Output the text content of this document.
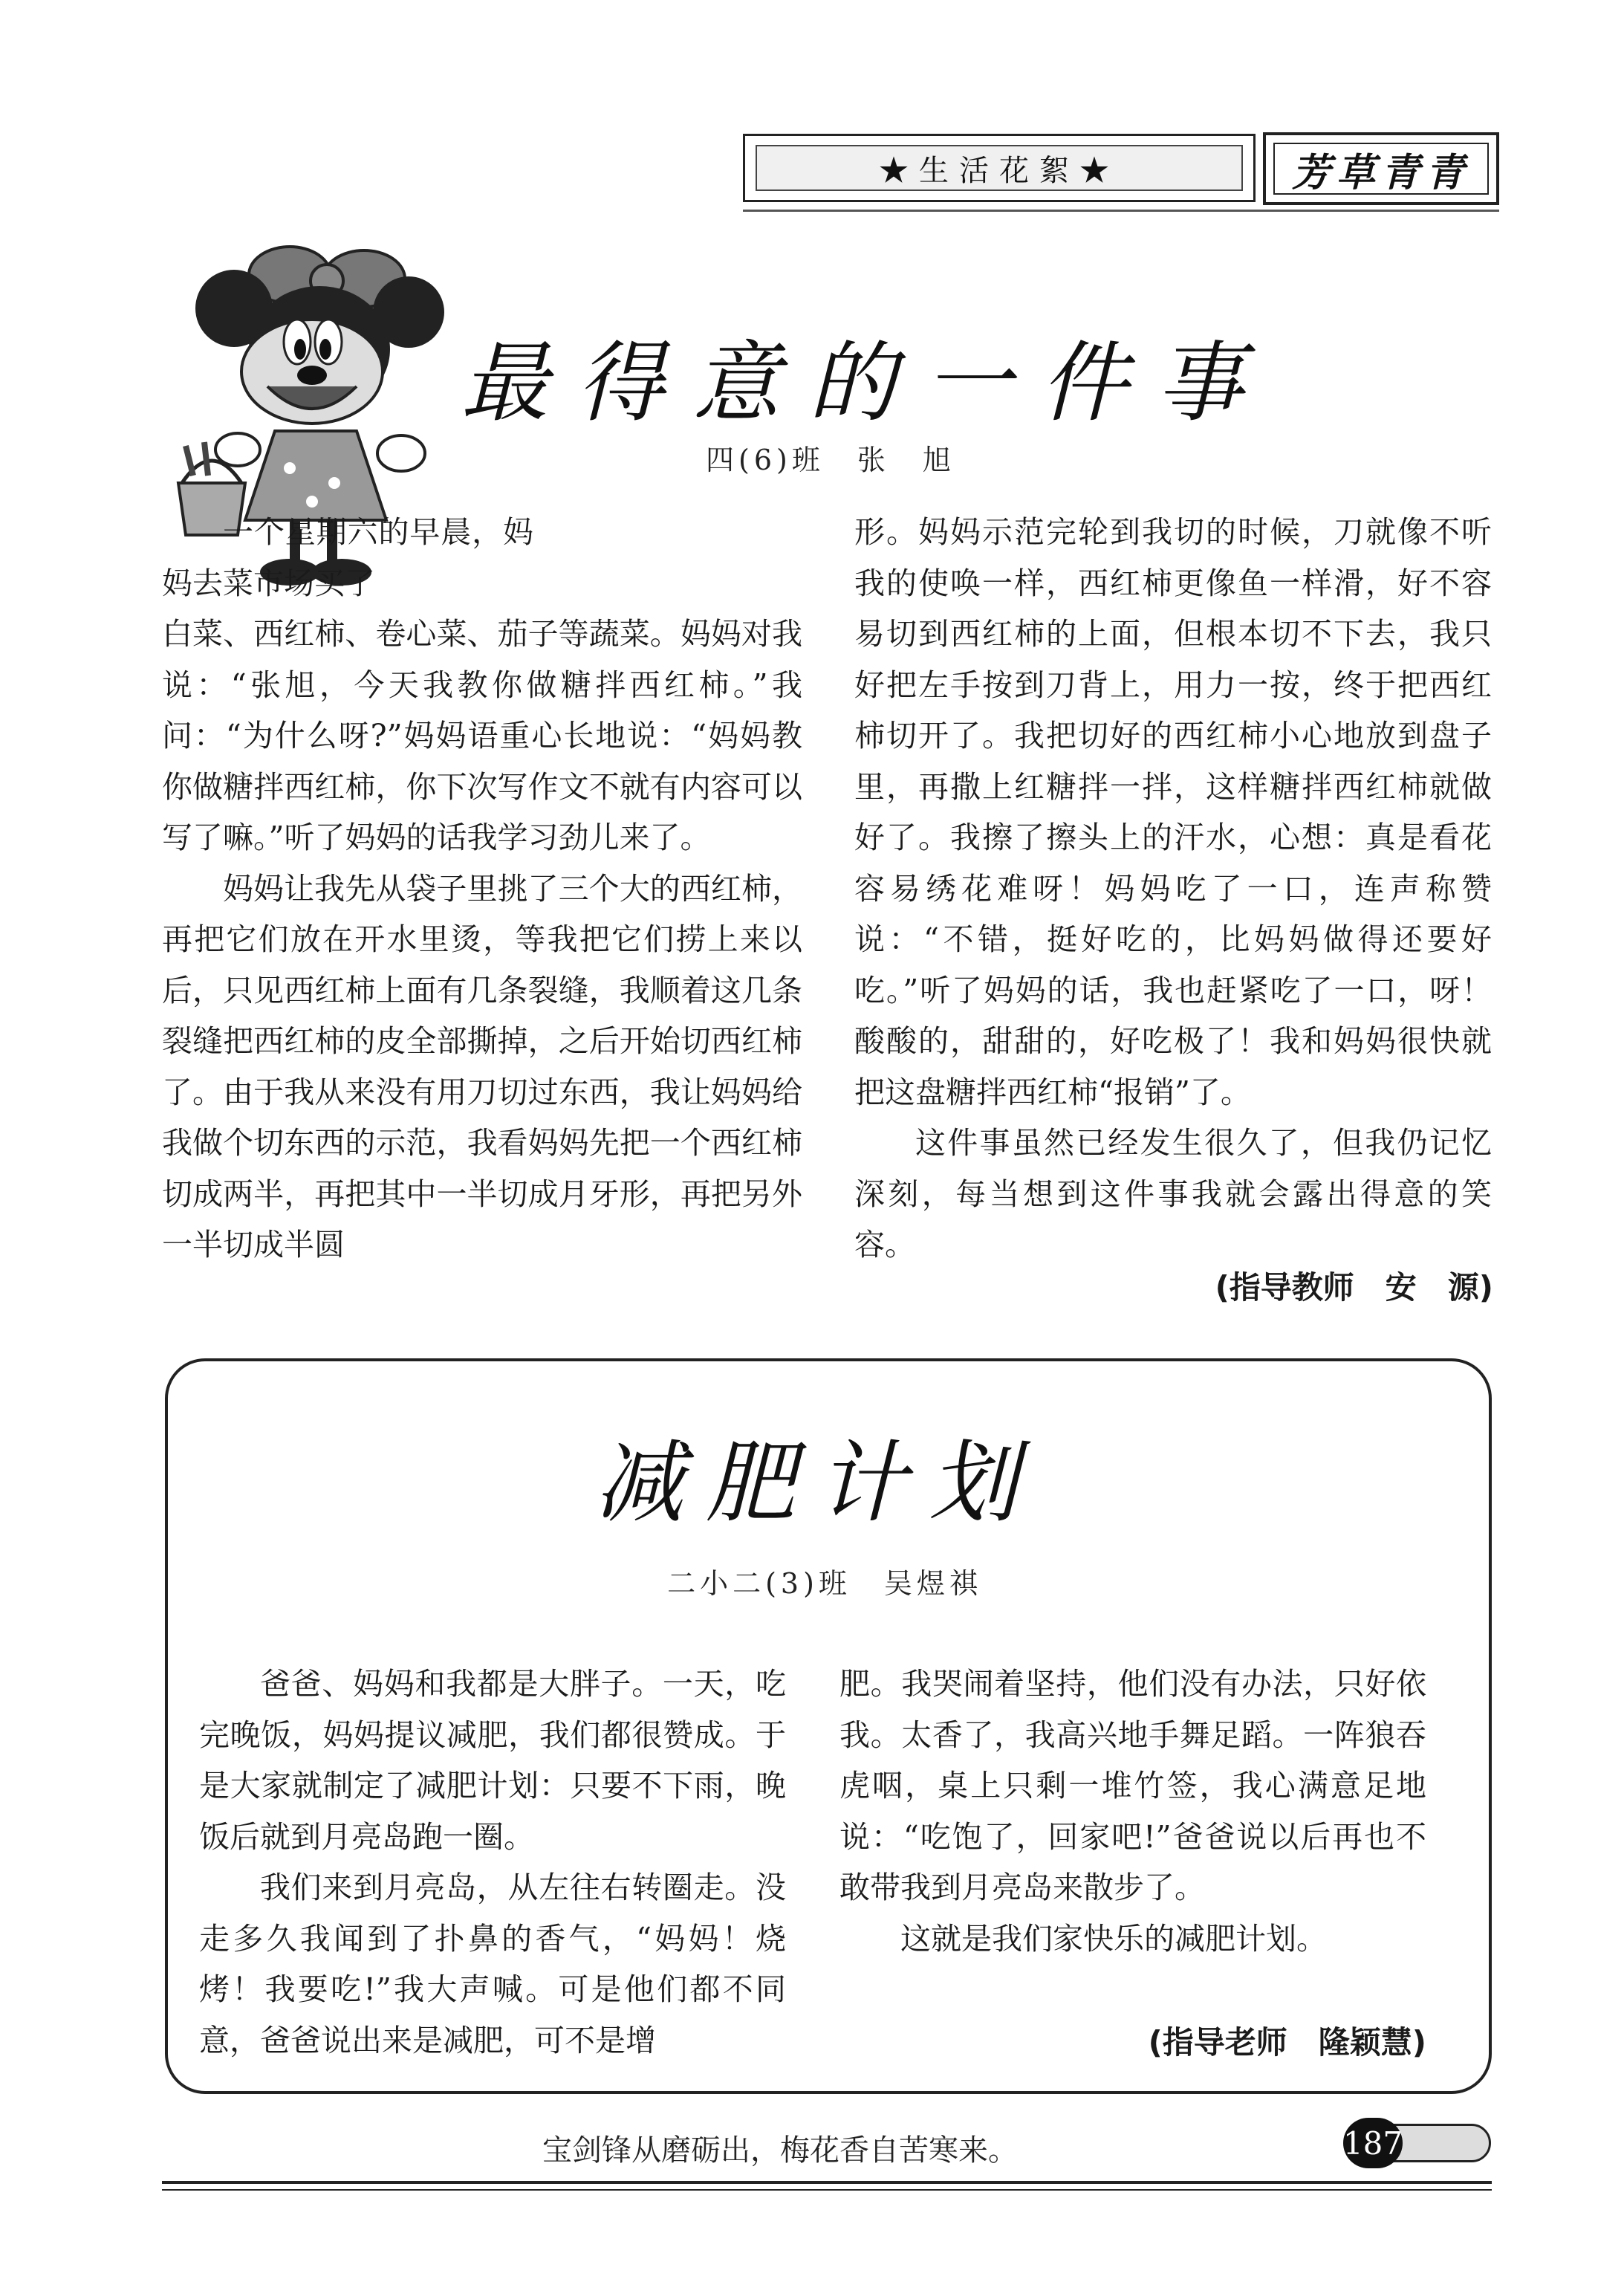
★生活花絮★	芳草青青
最得意的一件事
四(6)班　张　旭

一个星期六的早晨，妈妈去菜市场买了

白菜、西红柿、卷心菜、茄子等蔬菜。妈妈对我说：“张旭，今天我教你做糖拌西红柿。”我问：“为什么呀?”妈妈语重心长地说：“妈妈教你做糖拌西红柿，你下次写作文不就有内容可以写了嘛。”听了妈妈的话我学习劲儿来了。

妈妈让我先从袋子里挑了三个大的西红柿，再把它们放在开水里烫，等我把它们捞上来以后，只见西红柿上面有几条裂缝，我顺着这几条裂缝把西红柿的皮全部撕掉，之后开始切西红柿了。由于我从来没有用刀切过东西，我让妈妈给我做个切东西的示范，我看妈妈先把一个西红柿切成两半，再把其中一半切成月牙形，再把另外一半切成半圆

形。妈妈示范完轮到我切的时候，刀就像不听我的使唤一样，西红柿更像鱼一样滑，好不容易切到西红柿的上面，但根本切不下去，我只好把左手按到刀背上，用力一按，终于把西红柿切开了。我把切好的西红柿小心地放到盘子里，再撒上红糖拌一拌，这样糖拌西红柿就做好了。我擦了擦头上的汗水，心想：真是看花容易绣花难呀！妈妈吃了一口，连声称赞说：“不错，挺好吃的，比妈妈做得还要好吃。”听了妈妈的话，我也赶紧吃了一口，呀！酸酸的，甜甜的，好吃极了！我和妈妈很快就把这盘糖拌西红柿“报销”了。

这件事虽然已经发生很久了，但我仍记忆深刻，每当想到这件事我就会露出得意的笑容。

(指导教师　安　源)
减肥计划
二小二(3)班　吴煜祺

爸爸、妈妈和我都是大胖子。一天，吃完晚饭，妈妈提议减肥，我们都很赞成。于是大家就制定了减肥计划：只要不下雨，晚饭后就到月亮岛跑一圈。

我们来到月亮岛，从左往右转圈走。没走多久我闻到了扑鼻的香气，“妈妈！烧烤！我要吃!”我大声喊。可是他们都不同意，爸爸说出来是减肥，可不是增

肥。我哭闹着坚持，他们没有办法，只好依我。太香了，我高兴地手舞足蹈。一阵狼吞虎咽，桌上只剩一堆竹签，我心满意足地说：“吃饱了，回家吧!”爸爸说以后再也不敢带我到月亮岛来散步了。

这就是我们家快乐的减肥计划。

(指导老师　隆颖慧)
宝剑锋从磨砺出，梅花香自苦寒来。	187
